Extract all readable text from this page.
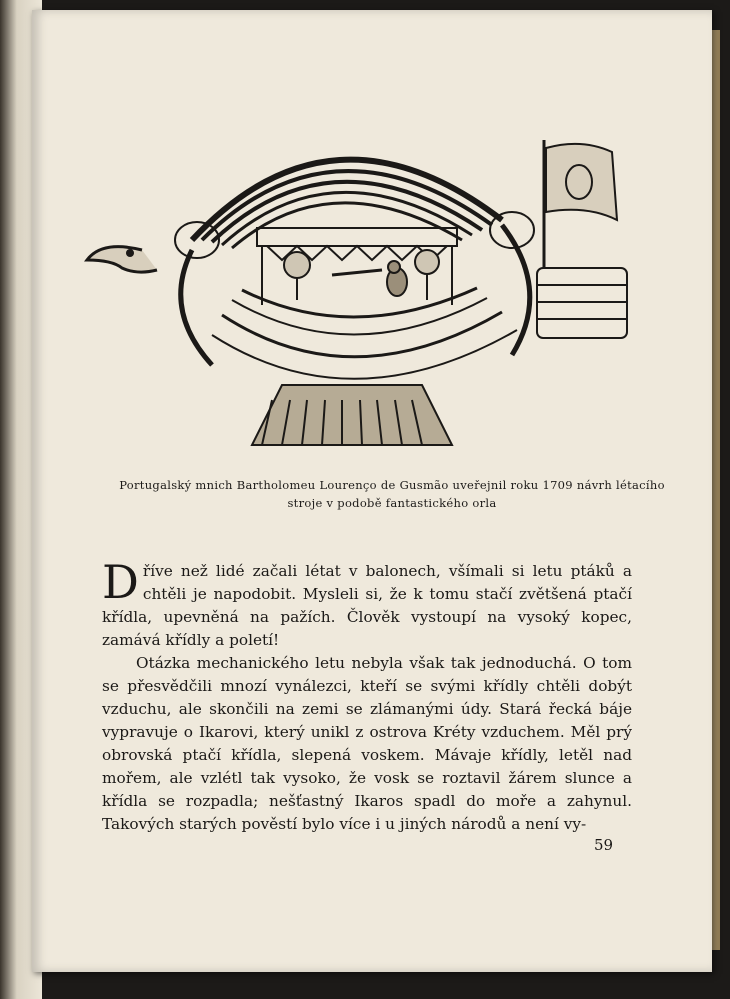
Portugalský mnich Bartholomeu Lourenço de Gusmão uveřejnil roku 1709 návrh létacího
stroje v podobě fantastického orla

Dříve než lidé začali létat v balonech, všímali si letu ptáků a chtěli je napodobit. Mysleli si, že k tomu stačí zvětšená ptačí křídla, upevněná na pažích. Člověk vystoupí na vysoký kopec, zamává křídly a poletí!

Otázka mechanického letu nebyla však tak jednoduchá. O tom se přesvědčili mnozí vynálezci, kteří se svými křídly chtěli dobýt vzduchu, ale skončili na zemi se zlámanými údy. Stará řecká báje vypravuje o Ikarovi, který unikl z ostrova Kréty vzduchem. Měl prý obrovská ptačí křídla, slepená voskem. Mávaje křídly, letěl nad mořem, ale vzlétl tak vysoko, že vosk se roztavil žárem slunce a křídla se rozpadla; nešťastný Ikaros spadl do moře a zahynul. Takových starých pověstí bylo více i u jiných národů a není vy-

59
